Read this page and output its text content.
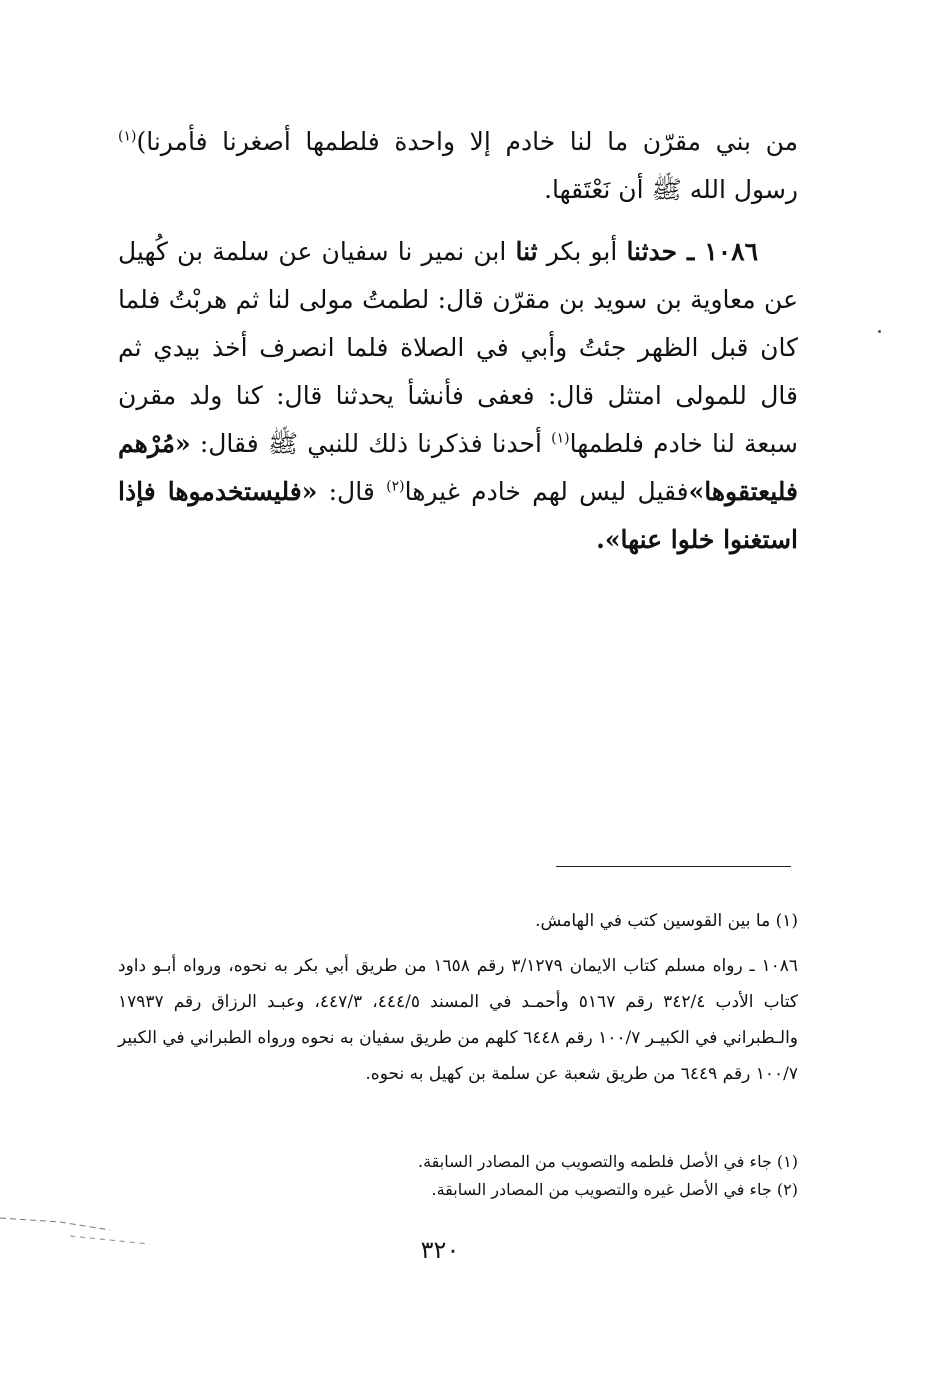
من بني مقرّن ما لنا خادم إلا واحدة فلطمها أصغرنا فأمرنا)$^{(١)}$ رسول الله ﷺ أن نَعْتَقها.
١٠٨٦ ـ حدثنا أبو بكر ثنا ابن نمير نا سفيان عن سلمة بن كُهيل عن معاوية بن سويد بن مقرّن قال: لطمتُ مولى لنا ثم هربْتُ فلما كان قبل الظهر جئتُ وأبي في الصلاة فلما انصرف أخذ بيدي ثم قال للمولى امتثل قال: فعفى فأنشأ يحدثنا قال: كنا ولد مقرن سبعة لنا خادم فلطمها$^{(١)}$ أحدنا فذكرنا ذلك للنبي ﷺ فقال: «مُرْهم فليعتقوها»فقيل ليس لهم خادم غيرها$^{(٢)}$ قال: «فليستخدموها فإذا استغنوا خلوا عنها».
(١) ما بين القوسين كتب في الهامش.
١٠٨٦ ـ رواه مسلم كتاب الايمان ٣/١٢٧٩ رقم ١٦٥٨ من طريق أبي بكر به نحوه، ورواه أبـو داود كتاب الأدب ٣٤٢/٤ رقم ٥١٦٧ وأحمـد في المسند ٤٤٤/٥، ٤٤٧/٣، وعبـد الرزاق رقم ١٧٩٣٧ والـطبراني في الكبيـر ١٠٠/٧ رقم ٦٤٤٨ كلهم من طريق سفيان به نحوه ورواه الطبراني في الكبير ١٠٠/٧ رقم ٦٤٤٩ من طريق شعبة عن سلمة بن كهيل به نحوه.
(١) جاء في الأصل فلطمه والتصويب من المصادر السابقة.
(٢) جاء في الأصل غيره والتصويب من المصادر السابقة.
٣٢٠
